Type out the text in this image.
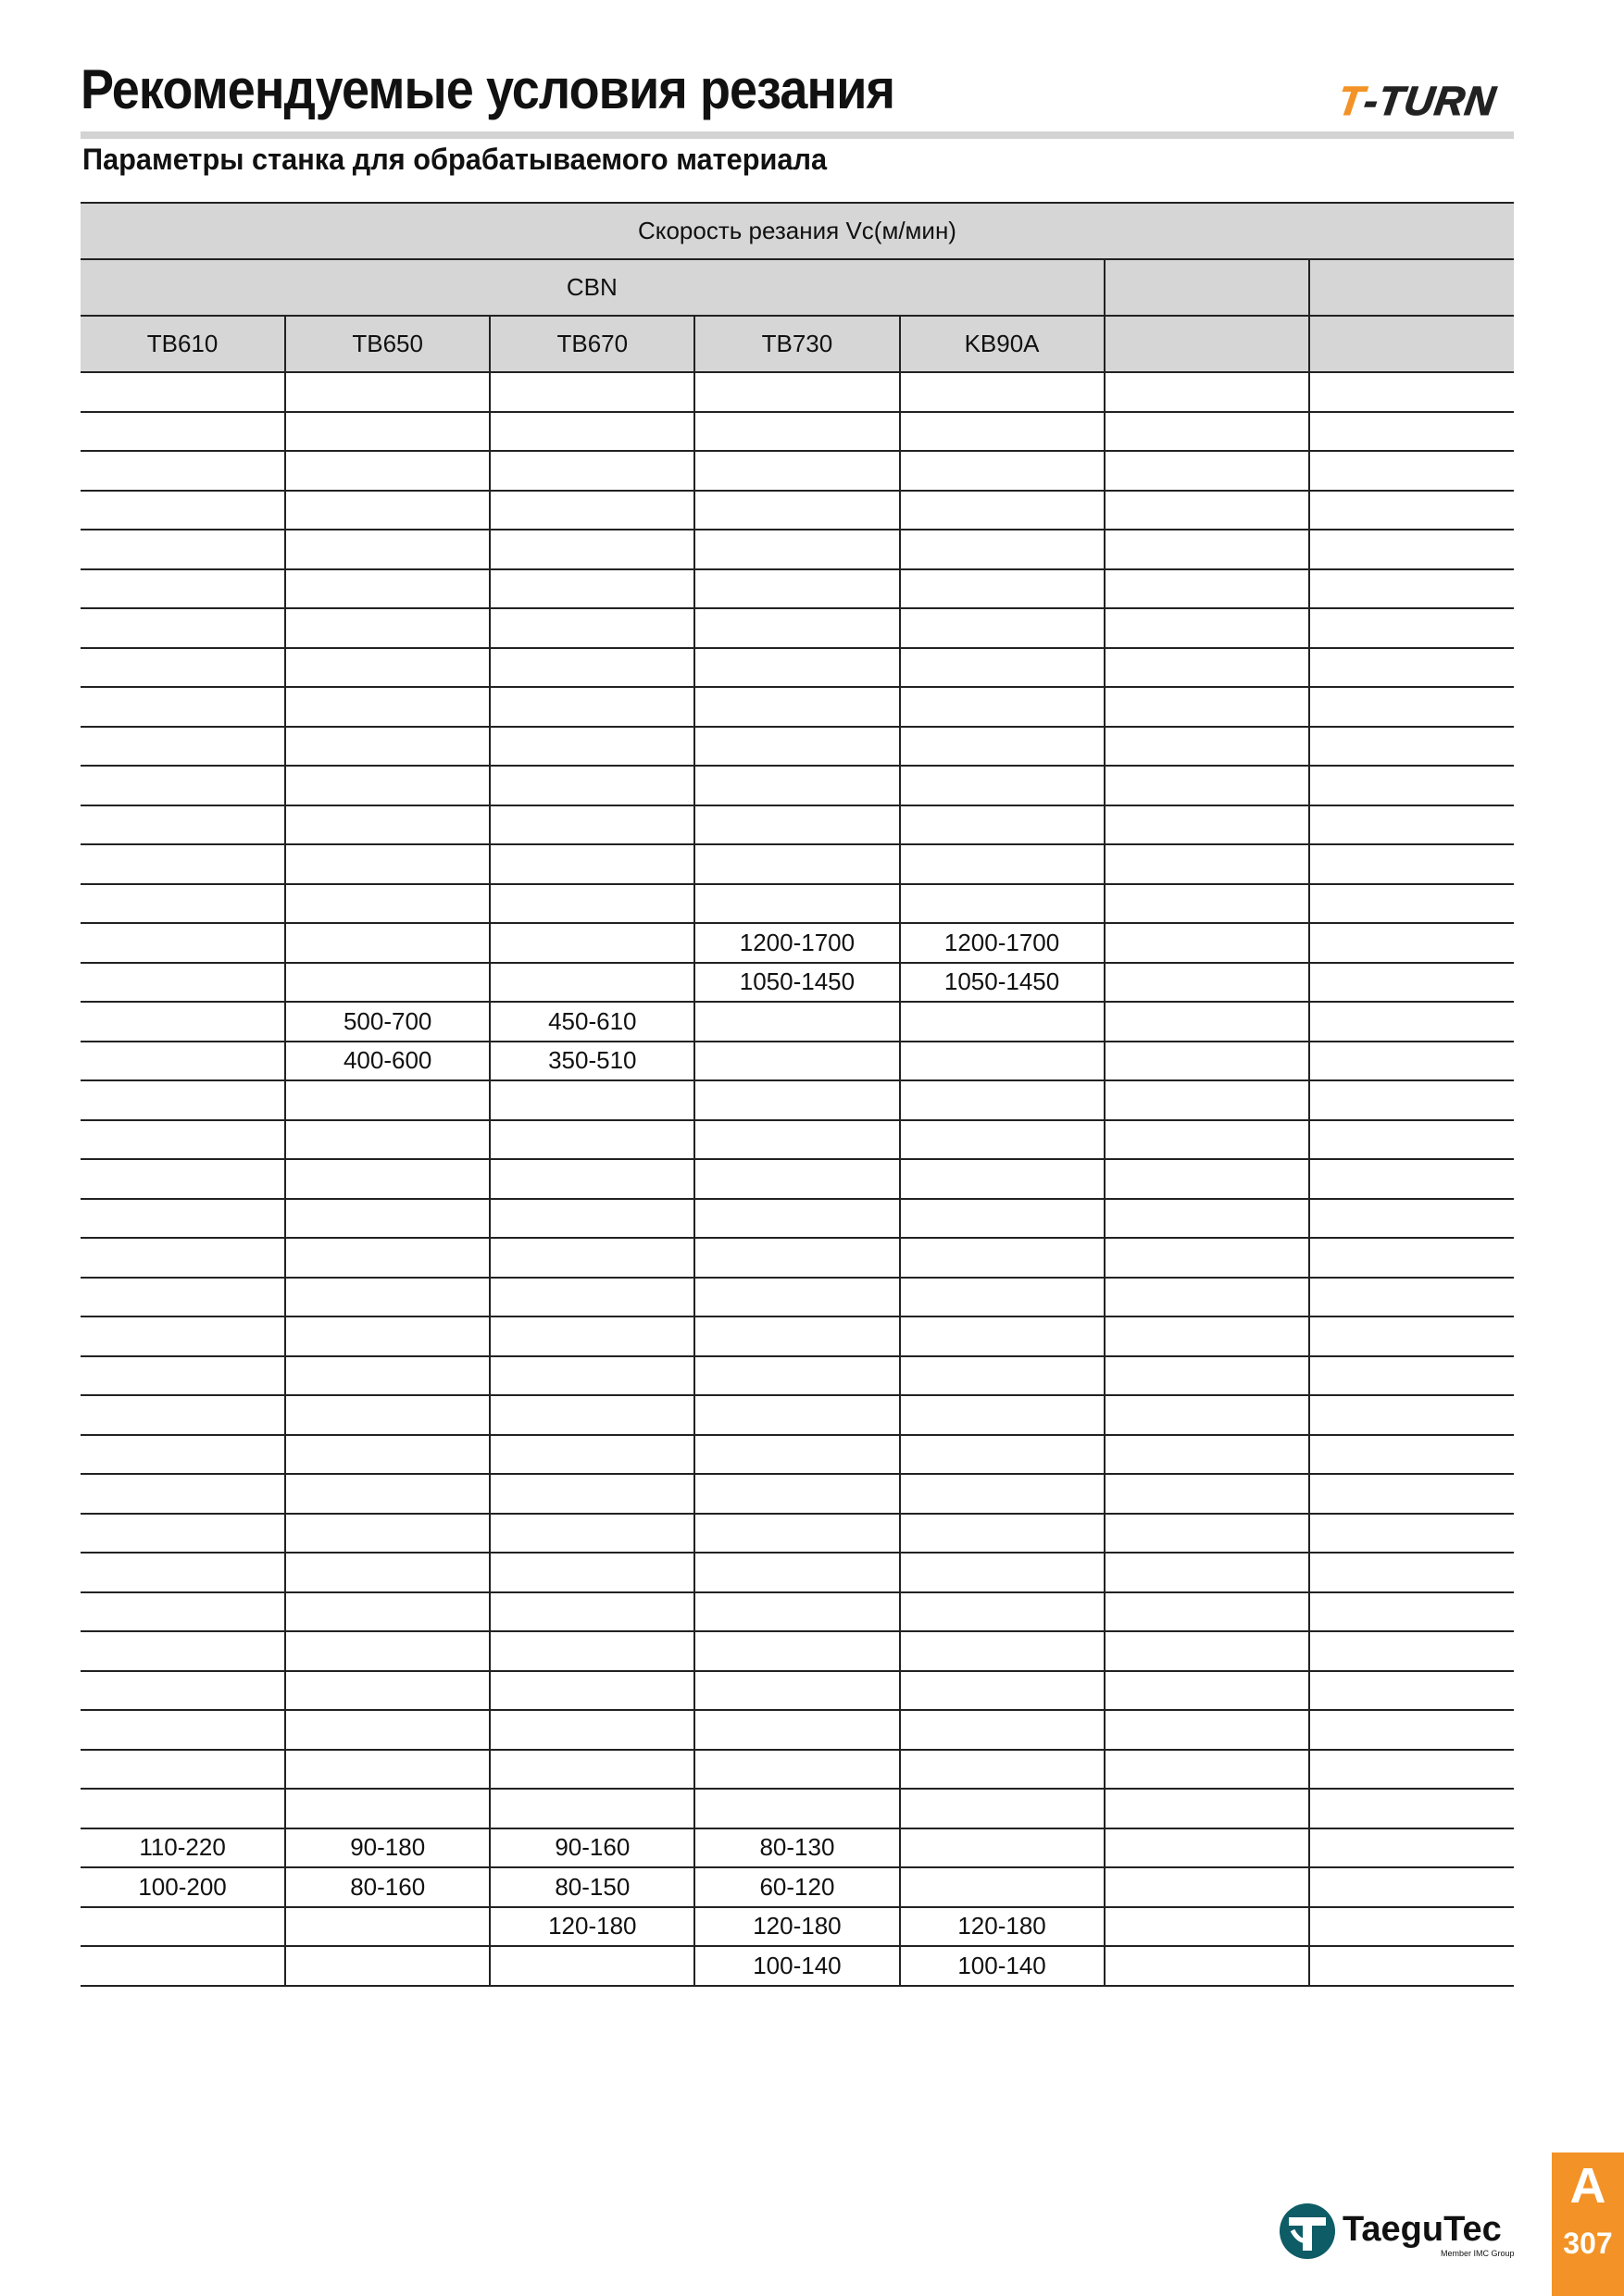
Рекомендуемые условия резания	T-TURN
Параметры станка для обрабатываемого материала
Скорость резания Vc(м/мин)						
CBN						
TB610	TB650	TB670	TB730	KB90A		

			1200-1700	1200-1700		
			1050-1450	1050-1450		
	500-700	450-610				
	400-600	350-510				

110-220	90-180	90-160	80-130			
100-200	80-160	80-150	60-120			
		120-180	120-180	120-180		
			100-140	100-140		
TaeguTec
Member IMC Group
A
307
